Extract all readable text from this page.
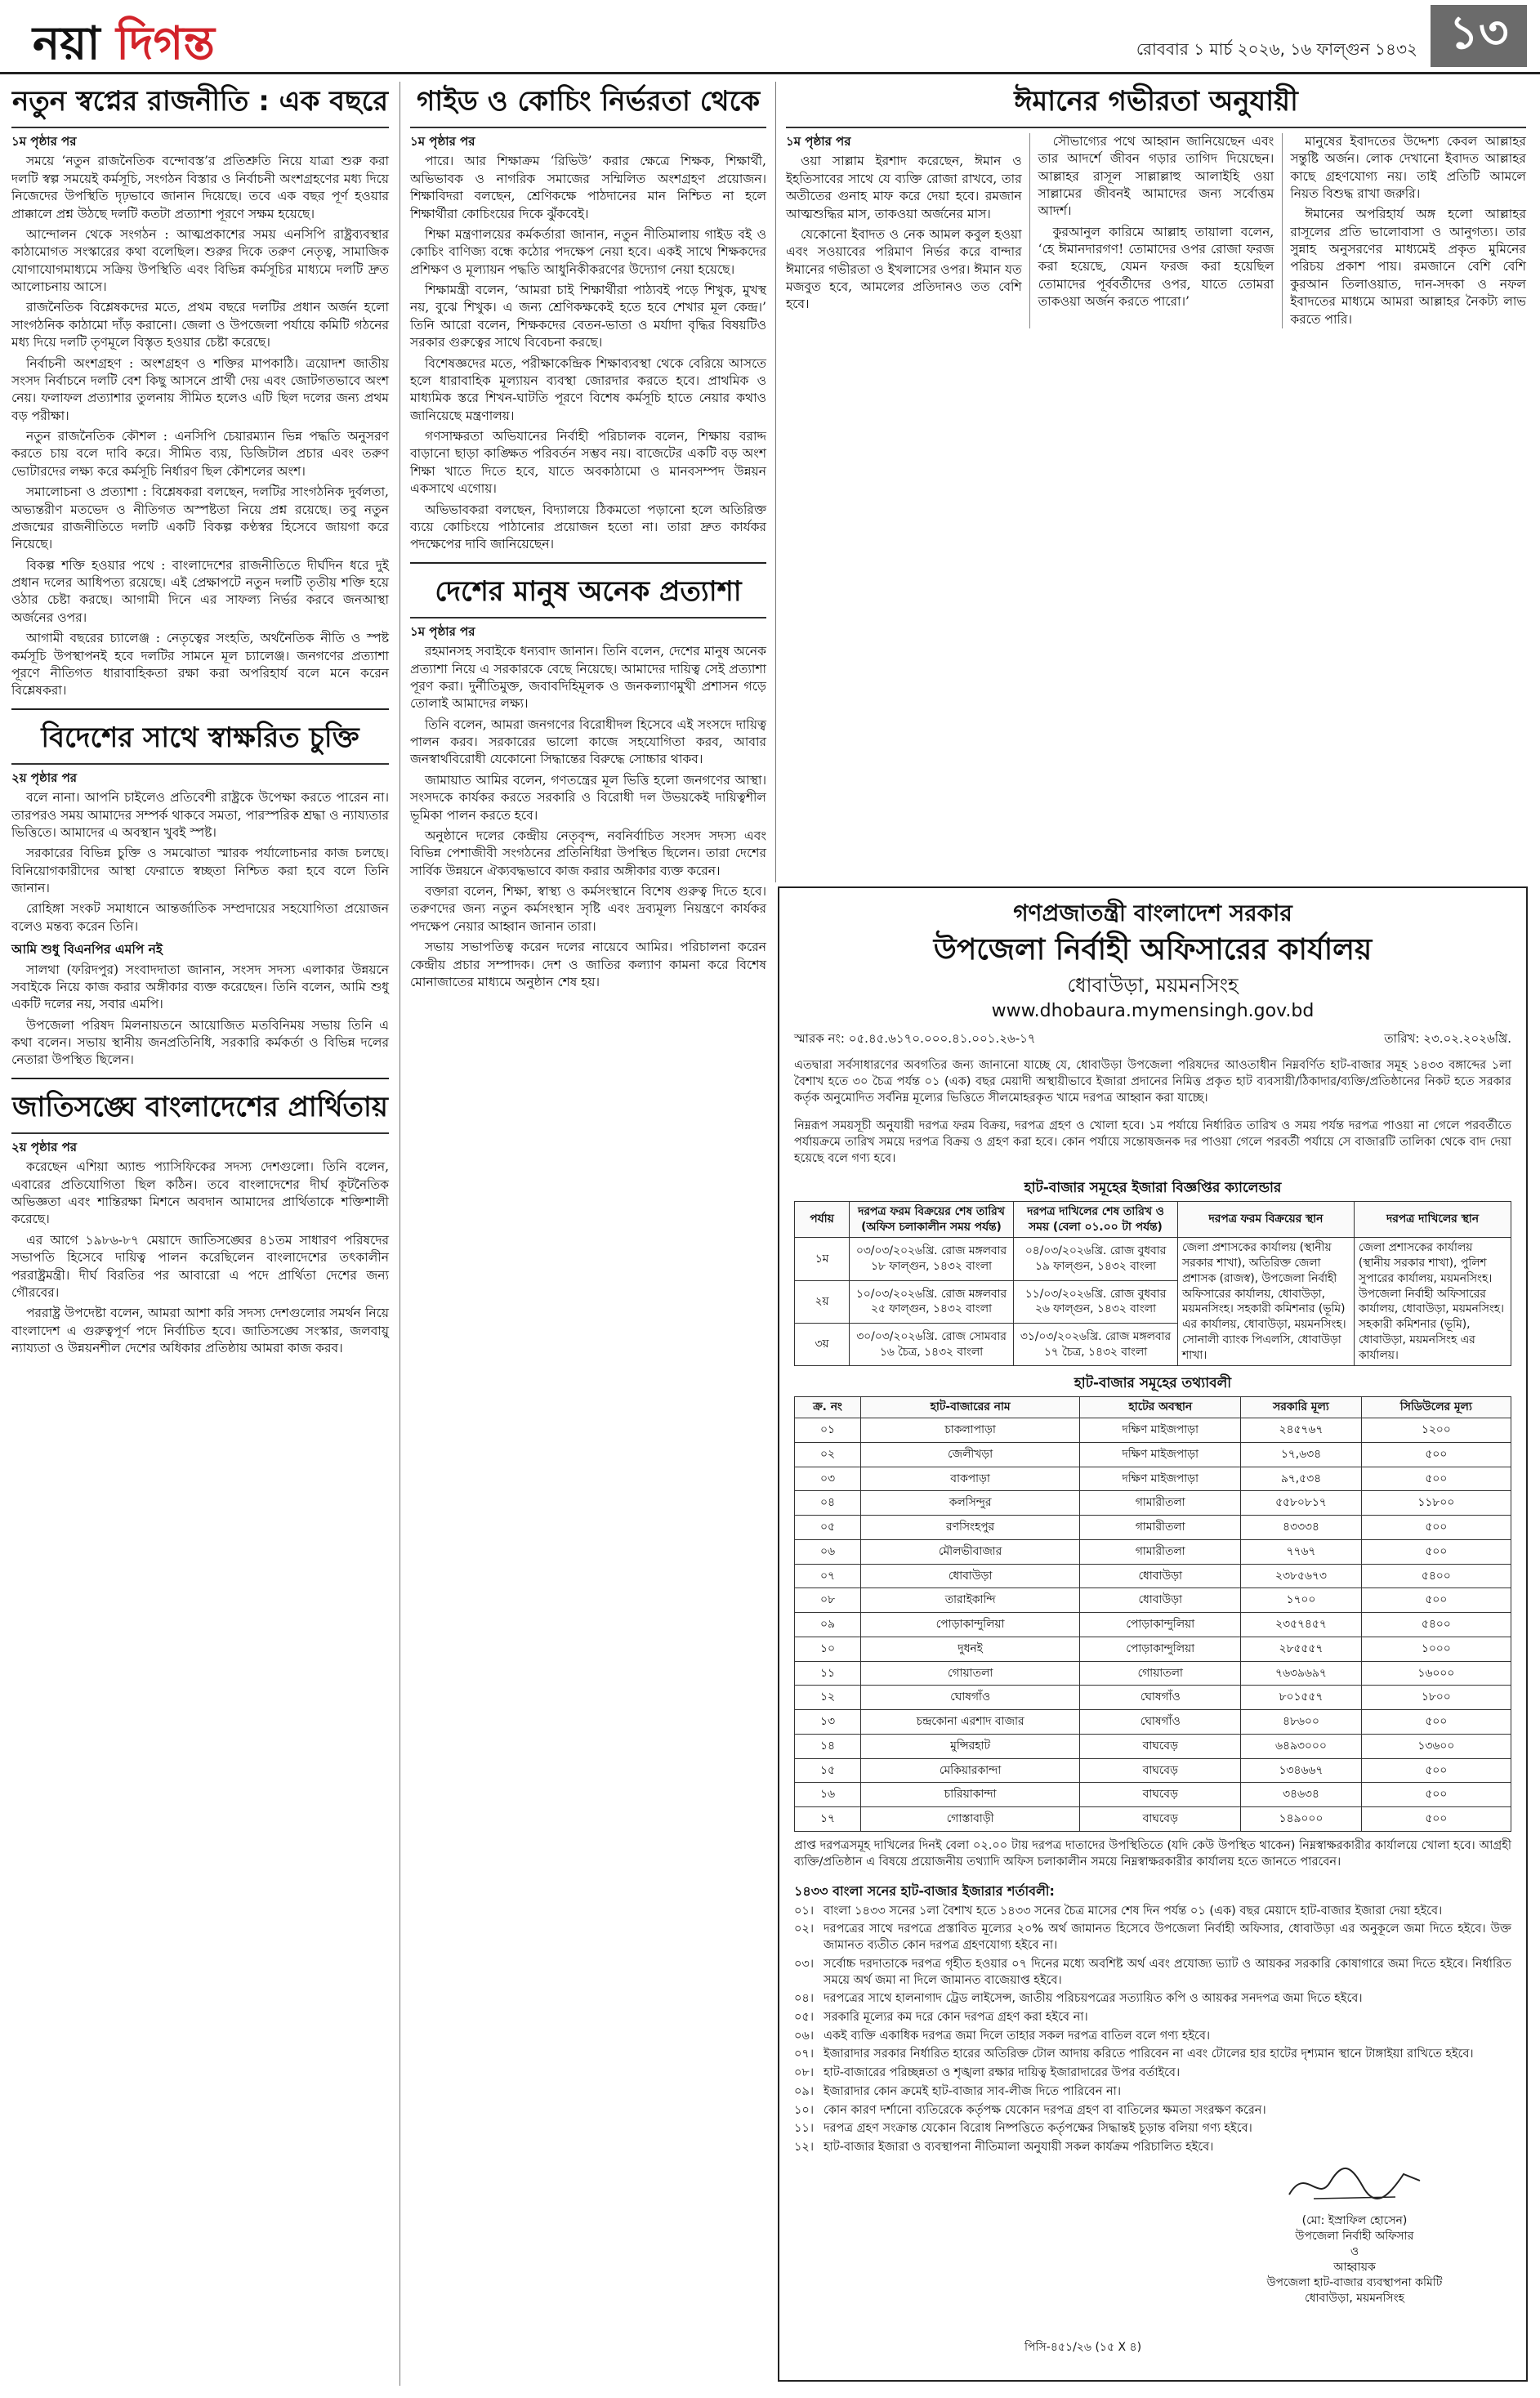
নয়া দিগন্ত	রোববার ১ মার্চ ২০২৬, ১৬ ফাল্গুন ১৪৩২ ১৩
নতুন স্বপ্নের রাজনীতি : এক বছরে

১ম পৃষ্ঠার পর

সময়ে ‘নতুন রাজনৈতিক বন্দোবস্ত’র প্রতিশ্রুতি নিয়ে যাত্রা শুরু করা দলটি স্বল্প সময়েই কর্মসূচি, সংগঠন বিস্তার ও নির্বাচনী অংশগ্রহণের মধ্য দিয়ে নিজেদের উপস্থিতি দৃঢ়ভাবে জানান দিয়েছে। তবে এক বছর পূর্ণ হওয়ার প্রাক্কালে প্রশ্ন উঠছে দলটি কতটা প্রত্যাশা পূরণে সক্ষম হয়েছে।

আন্দোলন থেকে সংগঠন : আত্মপ্রকাশের সময় এনসিপি রাষ্ট্রব্যবস্থার কাঠামোগত সংস্কারের কথা বলেছিল। শুরুর দিকে তরুণ নেতৃত্ব, সামাজিক যোগাযোগমাধ্যমে সক্রিয় উপস্থিতি এবং বিভিন্ন কর্মসূচির মাধ্যমে দলটি দ্রুত আলোচনায় আসে।

রাজনৈতিক বিশ্লেষকদের মতে, প্রথম বছরে দলটির প্রধান অর্জন হলো সাংগঠনিক কাঠামো দাঁড় করানো। জেলা ও উপজেলা পর্যায়ে কমিটি গঠনের মধ্য দিয়ে দলটি তৃণমূলে বিস্তৃত হওয়ার চেষ্টা করেছে।

নির্বাচনী অংশগ্রহণ : অংশগ্রহণ ও শক্তির মাপকাঠি। ত্রয়োদশ জাতীয় সংসদ নির্বাচনে দলটি বেশ কিছু আসনে প্রার্থী দেয় এবং জোটগতভাবে অংশ নেয়। ফলাফল প্রত্যাশার তুলনায় সীমিত হলেও এটি ছিল দলের জন্য প্রথম বড় পরীক্ষা।

নতুন রাজনৈতিক কৌশল : এনসিপি চেয়ারম্যান ভিন্ন পদ্ধতি অনুসরণ করতে চায় বলে দাবি করে। সীমিত ব্যয়, ডিজিটাল প্রচার এবং তরুণ ভোটারদের লক্ষ্য করে কর্মসূচি নির্ধারণ ছিল কৌশলের অংশ।

সমালোচনা ও প্রত্যাশা : বিশ্লেষকরা বলছেন, দলটির সাংগঠনিক দুর্বলতা, অভ্যন্তরীণ মতভেদ ও নীতিগত অস্পষ্টতা নিয়ে প্রশ্ন রয়েছে। তবু নতুন প্রজন্মের রাজনীতিতে দলটি একটি বিকল্প কণ্ঠস্বর হিসেবে জায়গা করে নিয়েছে।

বিকল্প শক্তি হওয়ার পথে : বাংলাদেশের রাজনীতিতে দীর্ঘদিন ধরে দুই প্রধান দলের আধিপত্য রয়েছে। এই প্রেক্ষাপটে নতুন দলটি তৃতীয় শক্তি হয়ে ওঠার চেষ্টা করছে। আগামী দিনে এর সাফল্য নির্ভর করবে জনআস্থা অর্জনের ওপর।

আগামী বছরের চ্যালেঞ্জ : নেতৃত্বের সংহতি, অর্থনৈতিক নীতি ও স্পষ্ট কর্মসূচি উপস্থাপনই হবে দলটির সামনে মূল চ্যালেঞ্জ। জনগণের প্রত্যাশা পূরণে নীতিগত ধারাবাহিকতা রক্ষা করা অপরিহার্য বলে মনে করেন বিশ্লেষকরা।

বিদেশের সাথে স্বাক্ষরিত চুক্তি

২য় পৃষ্ঠার পর

বলে নানা। আপনি চাইলেও প্রতিবেশী রাষ্ট্রকে উপেক্ষা করতে পারেন না। তারপরও সময় আমাদের সম্পর্ক থাকবে সমতা, পারস্পরিক শ্রদ্ধা ও ন্যায্যতার ভিত্তিতে। আমাদের এ অবস্থান খুবই স্পষ্ট।

সরকারের বিভিন্ন চুক্তি ও সমঝোতা স্মারক পর্যালোচনার কাজ চলছে। বিনিয়োগকারীদের আস্থা ফেরাতে স্বচ্ছতা নিশ্চিত করা হবে বলে তিনি জানান।

রোহিঙ্গা সংকট সমাধানে আন্তর্জাতিক সম্প্রদায়ের সহযোগিতা প্রয়োজন বলেও মন্তব্য করেন তিনি।

আমি শুধু বিএনপির এমপি নই

সালথা (ফরিদপুর) সংবাদদাতা জানান, সংসদ সদস্য এলাকার উন্নয়নে সবাইকে নিয়ে কাজ করার অঙ্গীকার ব্যক্ত করেছেন। তিনি বলেন, আমি শুধু একটি দলের নয়, সবার এমপি।

উপজেলা পরিষদ মিলনায়তনে আয়োজিত মতবিনিময় সভায় তিনি এ কথা বলেন। সভায় স্থানীয় জনপ্রতিনিধি, সরকারি কর্মকর্তা ও বিভিন্ন দলের নেতারা উপস্থিত ছিলেন।

জাতিসঙ্ঘে বাংলাদেশের প্রার্থিতায়

২য় পৃষ্ঠার পর

করেছেন এশিয়া অ্যান্ড প্যাসিফিকের সদস্য দেশগুলো। তিনি বলেন, এবারের প্রতিযোগিতা ছিল কঠিন। তবে বাংলাদেশের দীর্ঘ কূটনৈতিক অভিজ্ঞতা এবং শান্তিরক্ষা মিশনে অবদান আমাদের প্রার্থিতাকে শক্তিশালী করেছে।

এর আগে ১৯৮৬-৮৭ মেয়াদে জাতিসঙ্ঘের ৪১তম সাধারণ পরিষদের সভাপতি হিসেবে দায়িত্ব পালন করেছিলেন বাংলাদেশের তৎকালীন পররাষ্ট্রমন্ত্রী। দীর্ঘ বিরতির পর আবারো এ পদে প্রার্থিতা দেশের জন্য গৌরবের।

পররাষ্ট্র উপদেষ্টা বলেন, আমরা আশা করি সদস্য দেশগুলোর সমর্থন নিয়ে বাংলাদেশ এ গুরুত্বপূর্ণ পদে নির্বাচিত হবে। জাতিসঙ্ঘে সংস্কার, জলবায়ু ন্যায্যতা ও উন্নয়নশীল দেশের অধিকার প্রতিষ্ঠায় আমরা কাজ করব।

গাইড ও কোচিং নির্ভরতা থেকে

১ম পৃষ্ঠার পর

পারে। আর শিক্ষাক্রম ‘রিভিউ’ করার ক্ষেত্রে শিক্ষক, শিক্ষার্থী, অভিভাবক ও নাগরিক সমাজের সম্মিলিত অংশগ্রহণ প্রয়োজন। শিক্ষাবিদরা বলছেন, শ্রেণিকক্ষে পাঠদানের মান নিশ্চিত না হলে শিক্ষার্থীরা কোচিংয়ের দিকে ঝুঁকবেই।

শিক্ষা মন্ত্রণালয়ের কর্মকর্তারা জানান, নতুন নীতিমালায় গাইড বই ও কোচিং বাণিজ্য বন্ধে কঠোর পদক্ষেপ নেয়া হবে। একই সাথে শিক্ষকদের প্রশিক্ষণ ও মূল্যায়ন পদ্ধতি আধুনিকীকরণের উদ্যোগ নেয়া হয়েছে।

শিক্ষামন্ত্রী বলেন, ‘আমরা চাই শিক্ষার্থীরা পাঠ্যবই পড়ে শিখুক, মুখস্থ নয়, বুঝে শিখুক। এ জন্য শ্রেণিকক্ষকেই হতে হবে শেখার মূল কেন্দ্র।’ তিনি আরো বলেন, শিক্ষকদের বেতন-ভাতা ও মর্যাদা বৃদ্ধির বিষয়টিও সরকার গুরুত্বের সাথে বিবেচনা করছে।

বিশেষজ্ঞদের মতে, পরীক্ষাকেন্দ্রিক শিক্ষাব্যবস্থা থেকে বেরিয়ে আসতে হলে ধারাবাহিক মূল্যায়ন ব্যবস্থা জোরদার করতে হবে। প্রাথমিক ও মাধ্যমিক স্তরে শিখন-ঘাটতি পূরণে বিশেষ কর্মসূচি হাতে নেয়ার কথাও জানিয়েছে মন্ত্রণালয়।

গণসাক্ষরতা অভিযানের নির্বাহী পরিচালক বলেন, শিক্ষায় বরাদ্দ বাড়ানো ছাড়া কাঙ্ক্ষিত পরিবর্তন সম্ভব নয়। বাজেটের একটি বড় অংশ শিক্ষা খাতে দিতে হবে, যাতে অবকাঠামো ও মানবসম্পদ উন্নয়ন একসাথে এগোয়।

অভিভাবকরা বলছেন, বিদ্যালয়ে ঠিকমতো পড়ানো হলে অতিরিক্ত ব্যয়ে কোচিংয়ে পাঠানোর প্রয়োজন হতো না। তারা দ্রুত কার্যকর পদক্ষেপের দাবি জানিয়েছেন।

দেশের মানুষ অনেক প্রত্যাশা

১ম পৃষ্ঠার পর

রহমানসহ সবাইকে ধন্যবাদ জানান। তিনি বলেন, দেশের মানুষ অনেক প্রত্যাশা নিয়ে এ সরকারকে বেছে নিয়েছে। আমাদের দায়িত্ব সেই প্রত্যাশা পূরণ করা। দুর্নীতিমুক্ত, জবাবদিহিমূলক ও জনকল্যাণমুখী প্রশাসন গড়ে তোলাই আমাদের লক্ষ্য।

তিনি বলেন, আমরা জনগণের বিরোধীদল হিসেবে এই সংসদে দায়িত্ব পালন করব। সরকারের ভালো কাজে সহযোগিতা করব, আবার জনস্বার্থবিরোধী যেকোনো সিদ্ধান্তের বিরুদ্ধে সোচ্চার থাকব।

জামায়াত আমির বলেন, গণতন্ত্রের মূল ভিত্তি হলো জনগণের আস্থা। সংসদকে কার্যকর করতে সরকারি ও বিরোধী দল উভয়কেই দায়িত্বশীল ভূমিকা পালন করতে হবে।

অনুষ্ঠানে দলের কেন্দ্রীয় নেতৃবৃন্দ, নবনির্বাচিত সংসদ সদস্য এবং বিভিন্ন পেশাজীবী সংগঠনের প্রতিনিধিরা উপস্থিত ছিলেন। তারা দেশের সার্বিক উন্নয়নে ঐক্যবদ্ধভাবে কাজ করার অঙ্গীকার ব্যক্ত করেন।

বক্তারা বলেন, শিক্ষা, স্বাস্থ্য ও কর্মসংস্থানে বিশেষ গুরুত্ব দিতে হবে। তরুণদের জন্য নতুন কর্মসংস্থান সৃষ্টি এবং দ্রব্যমূল্য নিয়ন্ত্রণে কার্যকর পদক্ষেপ নেয়ার আহ্বান জানান তারা।

সভায় সভাপতিত্ব করেন দলের নায়েবে আমির। পরিচালনা করেন কেন্দ্রীয় প্রচার সম্পাদক। দেশ ও জাতির কল্যাণ কামনা করে বিশেষ মোনাজাতের মাধ্যমে অনুষ্ঠান শেষ হয়।

ঈমানের গভীরতা অনুযায়ী

১ম পৃষ্ঠার পর

ওয়া সাল্লাম ইরশাদ করেছেন, ঈমান ও ইহতিসাবের সাথে যে ব্যক্তি রোজা রাখবে, তার অতীতের গুনাহ মাফ করে দেয়া হবে। রমজান আত্মশুদ্ধির মাস, তাকওয়া অর্জনের মাস।

যেকোনো ইবাদত ও নেক আমল কবুল হওয়া এবং সওয়াবের পরিমাণ নির্ভর করে বান্দার ঈমানের গভীরতা ও ইখলাসের ওপর। ঈমান যত মজবুত হবে, আমলের প্রতিদানও তত বেশি হবে।

সৌভাগ্যের পথে আহ্বান জানিয়েছেন এবং তার আদর্শে জীবন গড়ার তাগিদ দিয়েছেন। আল্লাহর রাসূল সাল্লাল্লাহু আলাইহি ওয়া সাল্লামের জীবনই আমাদের জন্য সর্বোত্তম আদর্শ।

কুরআনুল কারিমে আল্লাহ তায়ালা বলেন, ‘হে ঈমানদারগণ! তোমাদের ওপর রোজা ফরজ করা হয়েছে, যেমন ফরজ করা হয়েছিল তোমাদের পূর্ববর্তীদের ওপর, যাতে তোমরা তাকওয়া অর্জন করতে পারো।’

মানুষের ইবাদতের উদ্দেশ্য কেবল আল্লাহর সন্তুষ্টি অর্জন। লোক দেখানো ইবাদত আল্লাহর কাছে গ্রহণযোগ্য নয়। তাই প্রতিটি আমলে নিয়ত বিশুদ্ধ রাখা জরুরি।

ঈমানের অপরিহার্য অঙ্গ হলো আল্লাহর রাসূলের প্রতি ভালোবাসা ও আনুগত্য। তার সুন্নাহ অনুসরণের মাধ্যমেই প্রকৃত মুমিনের পরিচয় প্রকাশ পায়। রমজানে বেশি বেশি কুরআন তিলাওয়াত, দান-সদকা ও নফল ইবাদতের মাধ্যমে আমরা আল্লাহর নৈকট্য লাভ করতে পারি।

গণপ্রজাতন্ত্রী বাংলাদেশ সরকার

উপজেলা নির্বাহী অফিসারের কার্যালয়

ধোবাউড়া, ময়মনসিংহ

www.dhobaura.mymensingh.gov.bd

স্মারক নং: ০৫.৪৫.৬১৭০.০০০.৪১.০০১.২৬-১৭	তারিখ: ২৩.০২.২০২৬খ্রি.

এতদ্বারা সর্বসাধারণের অবগতির জন্য জানানো যাচ্ছে যে, ধোবাউড়া উপজেলা পরিষদের আওতাধীন নিম্নবর্ণিত হাট-বাজার সমূহ ১৪৩৩ বঙ্গাব্দের ১লা বৈশাখ হতে ৩০ চৈত্র পর্যন্ত ০১ (এক) বছর মেয়াদী অস্থায়ীভাবে ইজারা প্রদানের নিমিত্ত প্রকৃত হাট ব্যবসায়ী/ঠিকাদার/ব্যক্তি/প্রতিষ্ঠানের নিকট হতে সরকার কর্তৃক অনুমোদিত সর্বনিম্ন মূল্যের ভিত্তিতে সীলমোহরকৃত খামে দরপত্র আহ্বান করা যাচ্ছে।

নিম্নরূপ সময়সূচী অনুযায়ী দরপত্র ফরম বিক্রয়, দরপত্র গ্রহণ ও খোলা হবে। ১ম পর্যায়ে নির্ধারিত তারিখ ও সময় পর্যন্ত দরপত্র পাওয়া না গেলে পরবর্তীতে পর্যায়ক্রমে তারিখ সময়ে দরপত্র বিক্রয় ও গ্রহণ করা হবে। কোন পর্যায়ে সন্তোষজনক দর পাওয়া গেলে পরবর্তী পর্যায়ে সে বাজারটি তালিকা থেকে বাদ দেয়া হয়েছে বলে গণ্য হবে।

হাট-বাজার সমূহের ইজারা বিজ্ঞপ্তির ক্যালেন্ডার
পর্যায়	দরপত্র ফরম বিক্রয়ের শেষ তারিখ (অফিস চলাকালীন সময় পর্যন্ত)	দরপত্র দাখিলের শেষ তারিখ ও সময় (বেলা ০১.০০ টা পর্যন্ত)	দরপত্র ফরম বিক্রয়ের স্থান	দরপত্র দাখিলের স্থান
১ম	০৩/০৩/২০২৬খ্রি. রোজ মঙ্গলবার ১৮ ফাল্গুন, ১৪৩২ বাংলা	০৪/০৩/২০২৬খ্রি. রোজ বুধবার ১৯ ফাল্গুন, ১৪৩২ বাংলা	জেলা প্রশাসকের কার্যালয় (স্থানীয় সরকার শাখা), অতিরিক্ত জেলা প্রশাসক (রাজস্ব), উপজেলা নির্বাহী অফিসারের কার্যালয়, ধোবাউড়া, ময়মনসিংহ। সহকারী কমিশনার (ভূমি) এর কার্যালয়, ধোবাউড়া, ময়মনসিংহ। সোনালী ব্যাংক পিএলসি, ধোবাউড়া শাখা।	জেলা প্রশাসকের কার্যালয় (স্থানীয় সরকার শাখা), পুলিশ সুপারের কার্যালয়, ময়মনসিংহ। উপজেলা নির্বাহী অফিসারের কার্যালয়, ধোবাউড়া, ময়মনসিংহ। সহকারী কমিশনার (ভূমি), ধোবাউড়া, ময়মনসিংহ এর কার্যালয়।
২য়	১০/০৩/২০২৬খ্রি. রোজ মঙ্গলবার ২৫ ফাল্গুন, ১৪৩২ বাংলা	১১/০৩/২০২৬খ্রি. রোজ বুধবার ২৬ ফাল্গুন, ১৪৩২ বাংলা		
৩য়	৩০/০৩/২০২৬খ্রি. রোজ সোমবার ১৬ চৈত্র, ১৪৩২ বাংলা	৩১/০৩/২০২৬খ্রি. রোজ মঙ্গলবার ১৭ চৈত্র, ১৪৩২ বাংলা		
হাট-বাজার সমূহের তথ্যাবলী
ক্র. নং	হাট-বাজারের নাম	হাটের অবস্থান	সরকারি মূল্য	সিডিউলের মূল্য
০১	চাকলাপাড়া	দক্ষিণ মাইজপাড়া	২৪৫৭৬৭	১২০০
০২	জেলীখড়া	দক্ষিণ মাইজপাড়া	১৭,৬৩৪	৫০০
০৩	বাকপাড়া	দক্ষিণ মাইজপাড়া	৯৭,৫৩৪	৫০০
০৪	কলসিন্দুর	গামারীতলা	৫৫৮০৮১৭	১১৮০০
০৫	রণসিংহপুর	গামারীতলা	৪৩৩৩৪	৫০০
০৬	মৌলভীবাজার	গামারীতলা	৭৭৬৭	৫০০
০৭	ধোবাউড়া	ধোবাউড়া	২৩৮৫৬৭৩	৫৪০০
০৮	তারাইকান্দি	ধোবাউড়া	১৭০০	৫০০
০৯	পোড়াকান্দুলিয়া	পোড়াকান্দুলিয়া	২৩৫৭৪৫৭	৫৪০০
১০	দুধনই	পোড়াকান্দুলিয়া	২৮৫৫৫৭	১০০০
১১	গোয়াতলা	গোয়াতলা	৭৬৩৯৬৯৭	১৬০০০
১২	ঘোষগাঁও	ঘোষগাঁও	৮০১৫৫৭	১৮০০
১৩	চন্দ্রকোনা এরশাদ বাজার	ঘোষগাঁও	৪৮৬০০	৫০০
১৪	মুন্সিরহাট	বাঘবেড়	৬৪৯৩০০০	১৩৬০০
১৫	মেকিয়ারকান্দা	বাঘবেড়	১৩৪৬৬৭	৫০০
১৬	চারিয়াকান্দা	বাঘবেড়	৩৪৬৩৪	৫০০
১৭	গোস্তাবাড়ী	বাঘবেড়	১৪৯০০০	৫০০

প্রাপ্ত দরপত্রসমূহ দাখিলের দিনই বেলা ০২.০০ টায় দরপত্র দাতাদের উপস্থিতিতে (যদি কেউ উপস্থিত থাকেন) নিম্নস্বাক্ষরকারীর কার্যালয়ে খোলা হবে। আগ্রহী ব্যক্তি/প্রতিষ্ঠান এ বিষয়ে প্রয়োজনীয় তথ্যাদি অফিস চলাকালীন সময়ে নিম্নস্বাক্ষরকারীর কার্যালয় হতে জানতে পারবেন।

১৪৩৩ বাংলা সনের হাট-বাজার ইজারার শর্তাবলী:
০১। বাংলা ১৪৩৩ সনের ১লা বৈশাখ হতে ১৪৩৩ সনের চৈত্র মাসের শেষ দিন পর্যন্ত ০১ (এক) বছর মেয়াদে হাট-বাজার ইজারা দেয়া হইবে।
০২। দরপত্রের সাথে দরপত্রে প্রস্তাবিত মূল্যের ২০% অর্থ জামানত হিসেবে উপজেলা নির্বাহী অফিসার, ধোবাউড়া এর অনুকূলে জমা দিতে হইবে। উক্ত জামানত ব্যতীত কোন দরপত্র গ্রহণযোগ্য হইবে না।
০৩। সর্বোচ্চ দরদাতাকে দরপত্র গৃহীত হওয়ার ০৭ দিনের মধ্যে অবশিষ্ট অর্থ এবং প্রযোজ্য ভ্যাট ও আয়কর সরকারি কোষাগারে জমা দিতে হইবে। নির্ধারিত সময়ে অর্থ জমা না দিলে জামানত বাজেয়াপ্ত হইবে।
০৪। দরপত্রের সাথে হালনাগাদ ট্রেড লাইসেন্স, জাতীয় পরিচয়পত্রের সত্যায়িত কপি ও আয়কর সনদপত্র জমা দিতে হইবে।
০৫। সরকারি মূল্যের কম দরে কোন দরপত্র গ্রহণ করা হইবে না।
০৬। একই ব্যক্তি একাধিক দরপত্র জমা দিলে তাহার সকল দরপত্র বাতিল বলে গণ্য হইবে।
০৭। ইজারাদার সরকার নির্ধারিত হারের অতিরিক্ত টোল আদায় করিতে পারিবেন না এবং টোলের হার হাটের দৃশ্যমান স্থানে টাঙ্গাইয়া রাখিতে হইবে।
০৮। হাট-বাজারের পরিচ্ছন্নতা ও শৃঙ্খলা রক্ষার দায়িত্ব ইজারাদারের উপর বর্তাইবে।
০৯। ইজারাদার কোন ক্রমেই হাট-বাজার সাব-লীজ দিতে পারিবেন না।
১০। কোন কারণ দর্শানো ব্যতিরেকে কর্তৃপক্ষ যেকোন দরপত্র গ্রহণ বা বাতিলের ক্ষমতা সংরক্ষণ করেন।
১১। দরপত্র গ্রহণ সংক্রান্ত যেকোন বিরোধ নিষ্পত্তিতে কর্তৃপক্ষের সিদ্ধান্তই চূড়ান্ত বলিয়া গণ্য হইবে।
১২। হাট-বাজার ইজারা ও ব্যবস্থাপনা নীতিমালা অনুযায়ী সকল কার্যক্রম পরিচালিত হইবে।
(মো: ইস্রাফিল হোসেন)
উপজেলা নির্বাহী অফিসার
ও
আহ্বায়ক
উপজেলা হাট-বাজার ব্যবস্থাপনা কমিটি
ধোবাউড়া, ময়মনসিংহ
পিসি-৪৫১/২৬ (১৫ X ৪)
